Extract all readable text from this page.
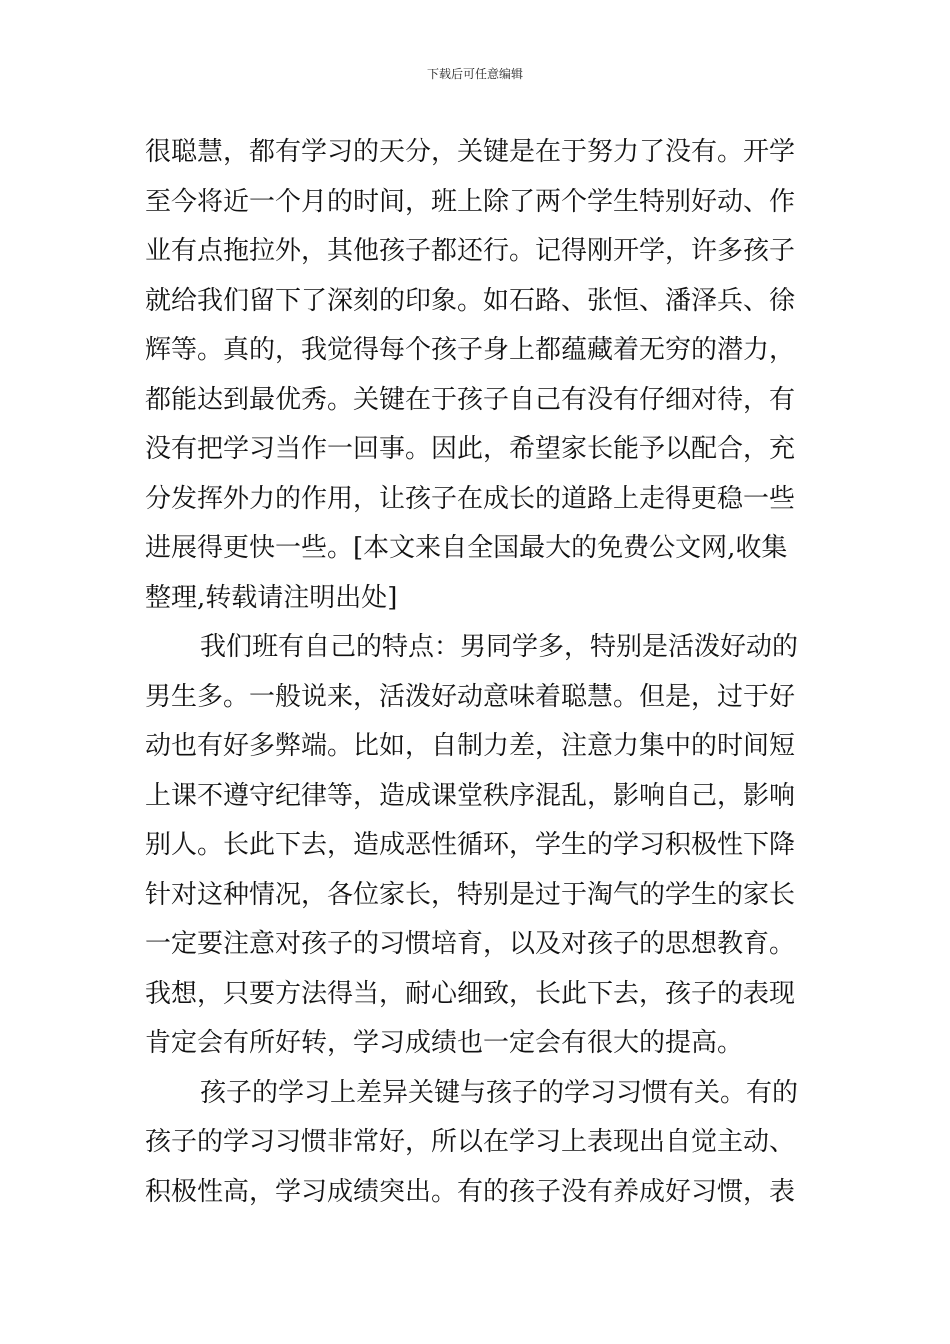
下载后可任意编辑
很聪慧，都有学习的天分，关键是在于努力了没有。开学
至今将近一个月的时间，班上除了两个学生特别好动、作
业有点拖拉外，其他孩子都还行。记得刚开学，许多孩子
就给我们留下了深刻的印象。如石路、张恒、潘泽兵、徐
辉等。真的，我觉得每个孩子身上都蕴藏着无穷的潜力，
都能达到最优秀。关键在于孩子自己有没有仔细对待，有
没有把学习当作一回事。因此，希望家长能予以配合，充
分发挥外力的作用，让孩子在成长的道路上走得更稳一些
进展得更快一些。[本文来自全国最大的免费公文网,收集
整理,转载请注明出处]
我们班有自己的特点：男同学多，特别是活泼好动的
男生多。一般说来，活泼好动意味着聪慧。但是，过于好
动也有好多弊端。比如，自制力差，注意力集中的时间短
上课不遵守纪律等，造成课堂秩序混乱，影响自己，影响
别人。长此下去，造成恶性循环，学生的学习积极性下降
针对这种情况，各位家长，特别是过于淘气的学生的家长
一定要注意对孩子的习惯培育，以及对孩子的思想教育。
我想，只要方法得当，耐心细致，长此下去，孩子的表现
肯定会有所好转，学习成绩也一定会有很大的提高。
孩子的学习上差异关键与孩子的学习习惯有关。有的
孩子的学习习惯非常好，所以在学习上表现出自觉主动、
积极性高，学习成绩突出。有的孩子没有养成好习惯，表
